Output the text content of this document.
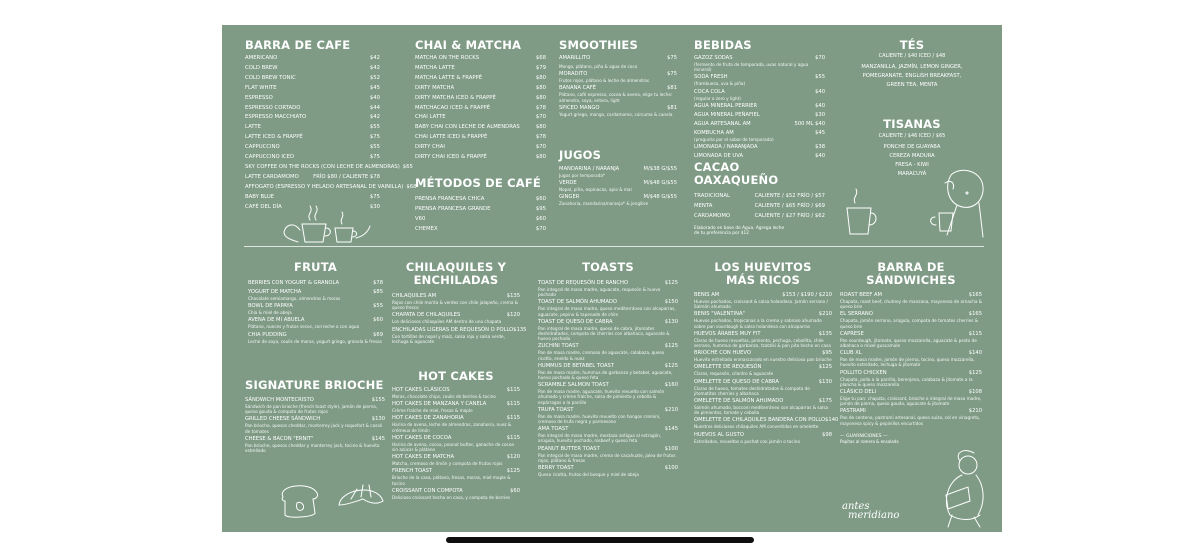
BARRA DE CAFE
AMERICANO	$42
COLD BREW	$42
COLD BREW TONIC	$52
FLAT WHITE	$45
ESPRESSO	$40
ESPRESSO CORTADO	$44
ESPRESSO MACCHIATO	$42
LATTE	$55
LATTE ICED & FRAPPÉ	$75
CAPPUCCINO	$55
CAPPUCCINO ICED	$75
SKY COFFEE ON THE ROCKS (CON LECHE DE ALMENDRAS) $65
LATTE CARDAMOMO	FRÍO $80 / CALIENTE $78
AFFOGATO (ESPRESSO Y HELADO ARTESANAL DE VAINILLA) $68
BABY BLUE	$75
CAFÉ DEL DÍA	$30
CHAI & MATCHA
MATCHA ON THE ROCKS	$68
MATCHA LATTE	$79
MATCHA LATTE & FRAPPÉ	$80
DIRTY MATCHA	$80
DIRTY MATCHA ICED & FRAPPÉ	$80
MATCHACAO ICED & FRAPPÉ	$78
CHAI LATTE	$70
BABY CHAI CON LECHE DE ALMENDRAS	$80
CHAI LATTE ICED & FRAPPÉ	$78
DIRTY CHAI	$70
DIRTY CHAI ICED & FRAPPÉ	$80
MÉTODOS DE CAFÉ
PRENSA FRANCESA CHICA	$60
PRENSA FRANCESA GRANDE	$95
V60	$60
CHEMEX	$70
SMOOTHIES
AMARILLITO	$75
Mango, plátano, piña & agua de coco
MORADITO	$75
Frutos rojos, plátano & leche de almendras
BANANA CAFÉ	$81
Plátano, café espresso, cocoa & avena, elige tu leche: almendra, soya, entera, light
SPICED MANGO	$81
Yogurt griego, mango, cardamomo, cúrcuma & canela
JUGOS
MANDARINA / NARANJA	M/$38 G/$55
Jugos por temporada*
VERDE	M/$48 G/$55
Nopal, piña, espinacas, apio & mar
GINGER	M/$48 G/$55
Zanahoria, mandarina/naranja* & jengibre
BEBIDAS
GAZOZ SODAS	$70
(fermento de fruta de temporada, uvas natural y agua mineral)
SODA FRESH	$55
(frambuesa, uva & piña)
COCA COLA	$40
(regular o zero y light)
AGUA MINERAL PERRIER	$40
AGUA MINERAL PEÑAFIEL	$30
AGUA ARTESANAL AM	500 ML $40
KOMBUCHA AM	$45
(pregunta por el sabor de temporada)
LIMONADA / NARANJADA	$38
LIMONADA DE UVA	$40
CACAO OAXAQUEÑO
TRADICIONAL	CALIENTE / $52 FRÍO / $57
MENTA	CALIENTE / $65 FRÍO / $69
CARDAMOMO	CALIENTE / $27 FRÍO / $62
Elaborado en base de Agua. Agrega leche de tu preferencia por $12
TÉS
CALIENTE / $40 ICED / $48
MANZANILLA, JAZMÍN, LEMON GINGER,
POMEGRANATE, ENGLISH BREAKFAST,
GREEN TEA, MENTA
TISANAS
CALIENTE / $46 ICED / $65
PONCHE DE GUAYABA
CEREZA MADURA
FRESA - KIWI
MARACUYÁ
FRUTA
BERRIES CON YOGURT & GRANOLA	$78
YOGURT DE MATCHA	$85
Chocolate semiamargo, almendras & moras
BOWL DE PAPAYA	$55
Chía & miel de abeja
AVENA DE MI ABUELA	$60
Plátano, nueces y frutos secos, con leche o con agua
CHIA PUDDING	$69
Leche de soya, coulis de moras, yogurt griego, granola & fresas
SIGNATURE BRIOCHE
SÁNDWICH MONTECRISTO	$155
Sándwich de pan brioche (french toast style), jamón de pierna, queso gouda & compota de frutos rojos
GRILLED CHEESE SÁNDWICH	$130
Pan brioche, quesos cheddar, monterrey jack y roquefort & cassé de tomates
CHEESE & BACON "ERNIT"	$145
Pan brioche, quesos cheddar y monterrey jack, tocino & huevito estrellado
CHILAQUILES Y ENCHILADAS
CHILAQUILES AM	$135
Rojos con chile morita & verdes con chile jalapeño, crema & queso fresco
CHAPATA DE CHILAQUILES	$120
Los deliciosos chilaquiles AM dentro de una chapata
ENCHILADAS LIGERAS DE REQUESÓN O POLLO $135
Con tortillas de nopal y maíz, salsa roja y salsa verde, lechuga & aguacate
HOT CAKES
HOT CAKES CLÁSICOS	$115
Moras, chocolate chips, coulis de berries & tocino
HOT CAKES DE MANZANA Y CANELA	$115
Crème fraîche de miel, fresas & maple
HOT CAKES DE ZANAHORIA	$115
Harina de avena, leche de almendras, zanahoria, nuez & crémeux de limón
HOT CAKES DE COCOA	$115
Harina de avena, cocoa, peanut butter, ganache de cocoa sin azúcar & plátano
HOT CAKES DE MATCHA	$120
Matcha, cremoso de limón y compota de frutos rojos
FRENCH TOAST	$125
Brioche de la casa, plátano, fresas, moras, miel maple & tocino
CROISSANT CON COMPOTA	$60
Delicioso croissant hecho en casa, y compota de berries
TOASTS
TOAST DE REQUESÓN DE RANCHO	$125
Pan integral de masa madre, aguacate, requesón & huevo pochado
TOAST DE SALMÓN AHUMADO	$150
Pan integral de masa madre, queso mediterráneo con alcaparras, aguacate, pepino & tapenade de chile
TOAST DE QUESO DE CABRA	$130
Pan integral de masa madre, queso de cabra, jitomates deshidratados, compota de cherries con albahaca, aguacate & huevo pochado
ZUCHINI TOAST	$125
Pan de masa madre, cremoso de aguacate, calabaza, queso ricotta, eneldo & nuez
HUMMUS DE BETABEL TOAST	$125
Pan de masa madre, hummus de garbanzo y betabel, aguacate, huevo pochado & queso feta
SCRAMBLE SALMON TOAST	$160
Pan de masa madre, aguacate, huevito revuelto con salmón ahumado y crème fraîche, salsa de pimiento y cebolla & espárragos a la parrilla
TRUFA TOAST	$210
Pan de masa madre, huevito revuelto con hongos cremini, cremoso de trufa negra y parmesano
AMA TOAST	$145
Pan integral de masa madre, mostaza antigua al estragón, arúgula, huevito pochado, rosbeef y queso feta
PEANUT BUTTER TOAST	$100
Pan integral de masa madre, crema de cacahuate, jalea de frutos rojos, plátano & fresas
BERRY TOAST	$100
Queso ricotta, frutos del bosque y miel de abeja
LOS HUEVITOS MÁS RICOS
BENIS AM	$153 / $190 / $210
Huevos pochados, croissant & salsa holandesa. Jamón serrano / Salmón ahumado
BENIS "VALENTINA"	$210
Huevos pochados, tropicanas a la crema y sabroso ahumado sobre pan sourdough & salsa holandesa con alcaparras
HUEVOS ÁRABES MUY FIT	$135
Claras de huevo revueltas, pimiento, pechuga, cebollita, chile serrano, hummus de garbanzo, tzatziki & pan pita hecho en casa
BRIOCHE CON HUEVO	$95
Huevito estrellado enmascarado en nuestro delicioso pan brioche
OMELETTE DE REQUESÓN	$125
Claras, requesón, cilantro & aguacate
OMELETTE DE QUESO DE CABRA	$130
Claras de huevo, tomates deshidratados & compota de jitomatitos cherries y albahaca
OMELETTE DE SALMÓN AHUMADO	$175
Salmón ahumado, bocconi mediterráneo con alcaparras & salsa de pimientos, tomate y cebolla
OMELETTE DE CHILAQUILES BANDERA CON POLLO $140
Nuestros deliciosos chilaquiles AM convertidos en omelette
HUEVOS AL GUSTO	$98
Estrellados, revueltos o pochat con jamón o tocino
BARRA DE SÁNDWICHES
ROAST BEEF AM	$165
Chapata, roast beef, chutney de manzana, mayonesa de ornacha & queso brie
EL SERRANO	$165
Chapata, jamón serrano, arúgula, compota de tomates cherries & queso brie
CAPRESE	$115
Pan sourdough, jitomate, queso mozzarella, aguacate & pesto de albahaca o mixel guacamole
CLUB XL	$140
Pan de masa madre, jamón de pierna, tocino, queso mozzarella, huevito estrellado, lechuga & jitomate
POLLITO CHICKEN	$125
Chapata, pollo a la parrilla, berenjena, calabaza & jitomate a la plancha & queso mozzarella
CLÁSICO DELI	$108
Elige tu pan: chapata, croissant, brioche o integral de masa madre, jamón de pierna, queso gouda, aguacate & jitomate
PASTRAMI	$210
Pan de centeno, pastrami artesanal, queso suizo, col en vinagreta, mayonesa spicy & pepinillos encurtidos
— GUARNICIONES —
Papitas al romero & ensalada
antes
meridiano
